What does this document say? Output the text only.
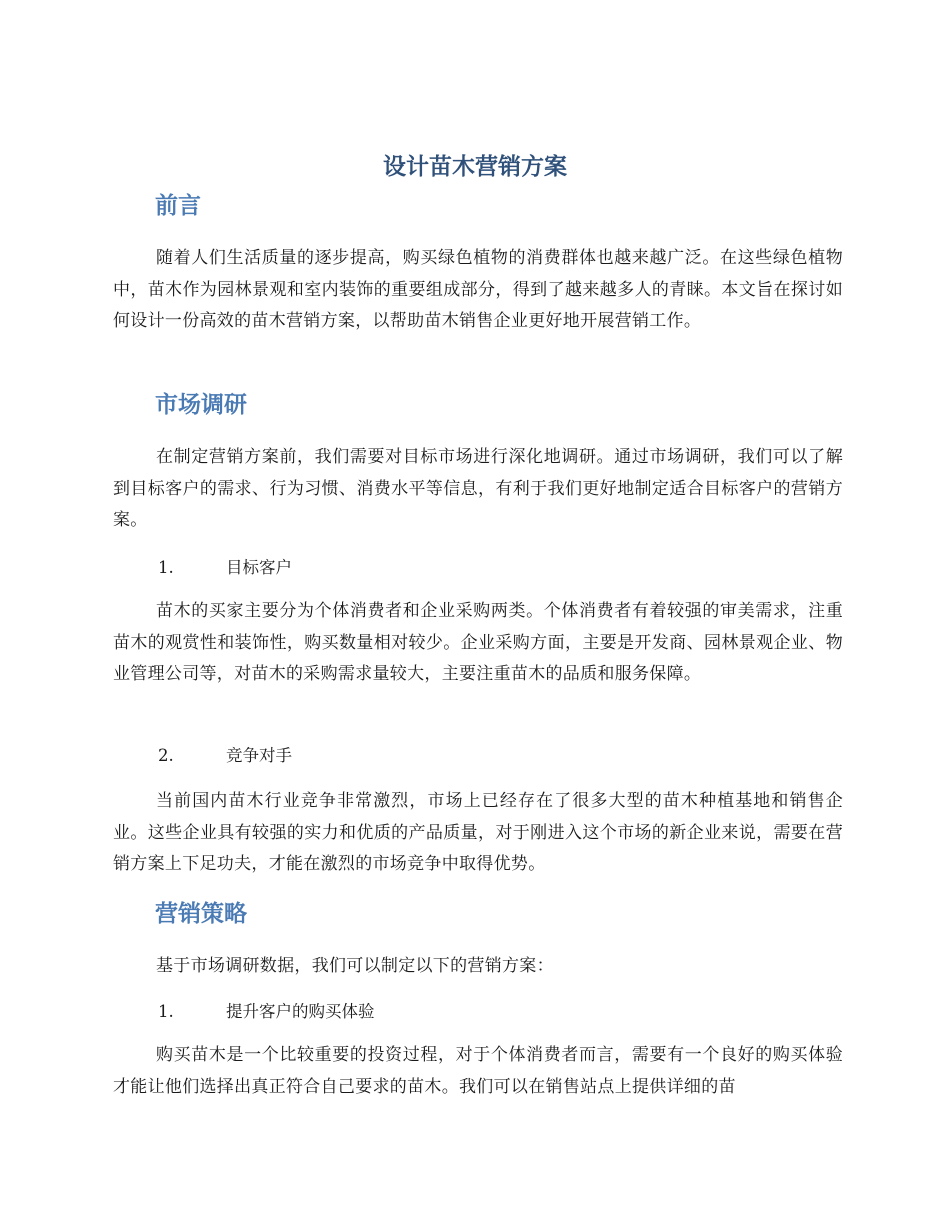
设计苗木营销方案
前言

随着人们生活质量的逐步提高，购买绿色植物的消费群体也越来越广泛。在这些绿色植物中，苗木作为园林景观和室内装饰的重要组成部分，得到了越来越多人的青睐。本文旨在探讨如何设计一份高效的苗木营销方案，以帮助苗木销售企业更好地开展营销工作。

市场调研

在制定营销方案前，我们需要对目标市场进行深化地调研。通过市场调研，我们可以了解到目标客户的需求、行为习惯、消费水平等信息，有利于我们更好地制定适合目标客户的营销方案。

1.	目标客户

苗木的买家主要分为个体消费者和企业采购两类。个体消费者有着较强的审美需求，注重苗木的观赏性和装饰性，购买数量相对较少。企业采购方面，主要是开发商、园林景观企业、物业管理公司等，对苗木的采购需求量较大，主要注重苗木的品质和服务保障。

2.	竞争对手

当前国内苗木行业竞争非常激烈，市场上已经存在了很多大型的苗木种植基地和销售企业。这些企业具有较强的实力和优质的产品质量，对于刚进入这个市场的新企业来说，需要在营销方案上下足功夫，才能在激烈的市场竞争中取得优势。

营销策略

基于市场调研数据，我们可以制定以下的营销方案：

1.	提升客户的购买体验

购买苗木是一个比较重要的投资过程，对于个体消费者而言，需要有一个良好的购买体验才能让他们选择出真正符合自己要求的苗木。我们可以在销售站点上提供详细的苗
